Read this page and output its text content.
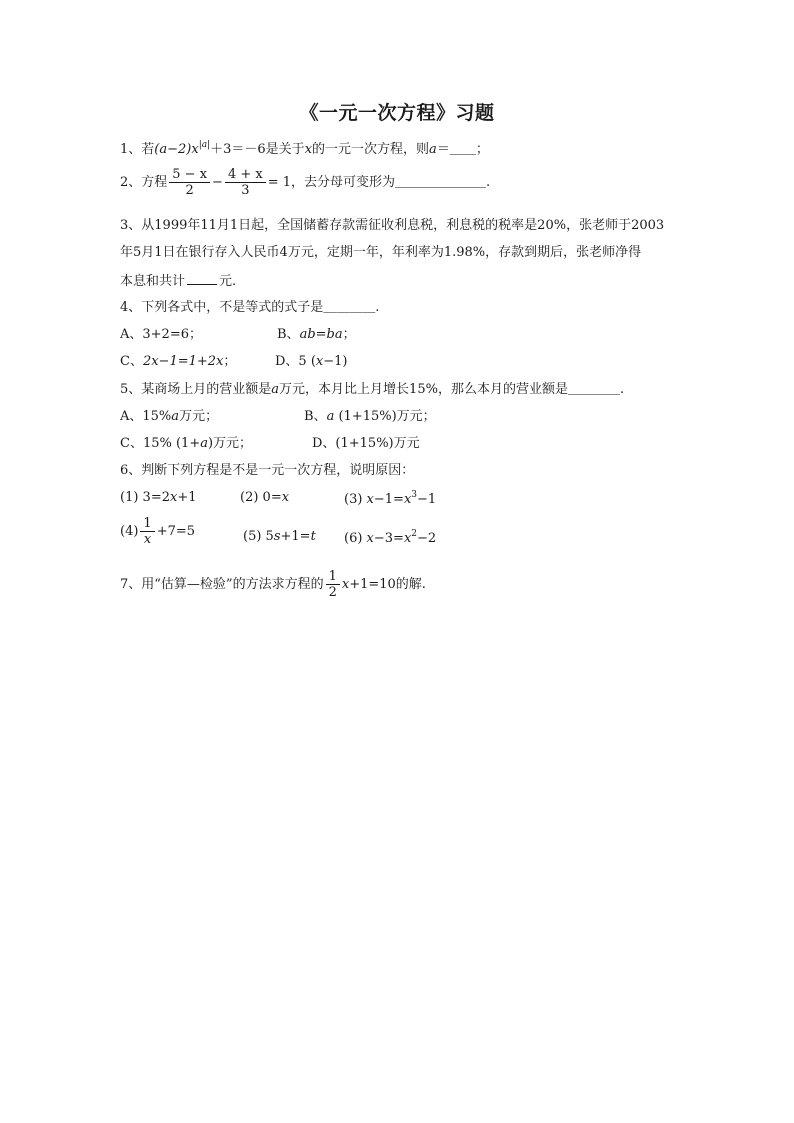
《一元一次方程》习题
1、若$(a-2)x^{|a|}+3=-6$是关于x的一元一次方程，则a＝＿＿；
2、方程 $\frac{5 - x}{2} - \frac{4 + x}{3} = 1$，去分母可变形为＿＿＿＿＿＿＿.
3、从1999年11月1日起，全国储蓄存款需征收利息税，利息税的税率是20%，张老师于2003
年5月1日在银行存入人民币4万元，定期一年，年利率为1.98%，存款到期后，张老师净得
本息和共计	元.
4、下列各式中，不是等式的式子是＿＿＿＿.
A、3+2=6；	B、ab=ba；
C、2x−1=1+2x；	D、5 (x−1)
5、某商场上月的营业额是a万元，本月比上月增长15%，那么本月的营业额是＿＿＿＿.
A、15%a万元；	B、a (1+15%)万元；
C、15% (1+a)万元；	D、(1+15%)万元
6、判断下列方程是不是一元一次方程，说明原因：
(1) 3=2x+1	(2) 0=x	(3) $x-1=x^3-1$
$(4) \frac{1}{x} +7=5$	(5) 5s+1=t (6) $x-3=x^2-2$
7、用“估算—检验”的方法求方程的 $\frac{1}{2} x+1=10$的解.
